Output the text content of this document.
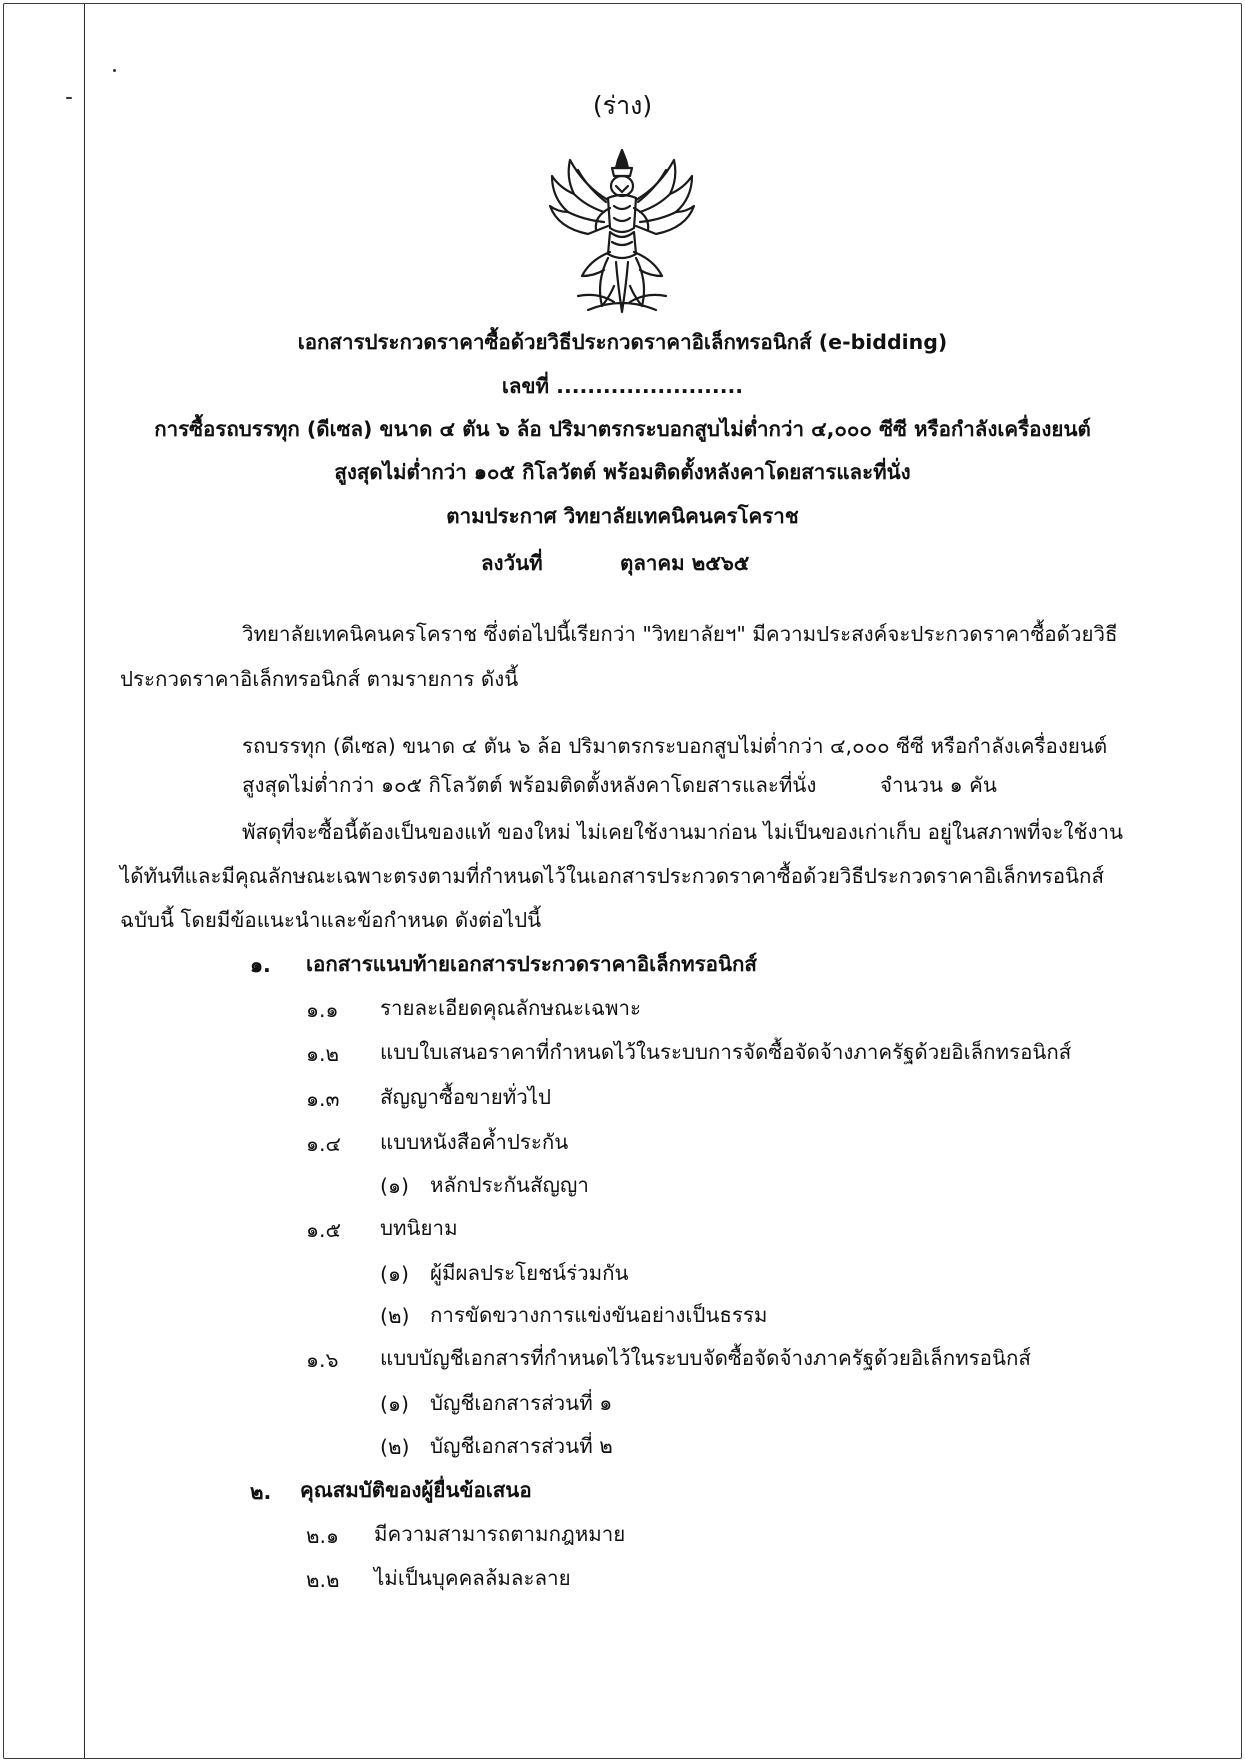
(ร่าง)
เอกสารประกวดราคาซื้อด้วยวิธีประกวดราคาอิเล็กทรอนิกส์ (e-bidding)
เลขที่ ........................
การซื้อรถบรรทุก (ดีเซล) ขนาด ๔ ตัน ๖ ล้อ ปริมาตรกระบอกสูบไม่ต่ำกว่า ๔,๐๐๐ ซีซี หรือกำลังเครื่องยนต์
สูงสุดไม่ต่ำกว่า ๑๐๕ กิโลวัตต์ พร้อมติดตั้งหลังคาโดยสารและที่นั่ง
ตามประกาศ วิทยาลัยเทคนิคนครโคราช
ลงวันที่	ตุลาคม ๒๕๖๕
วิทยาลัยเทคนิคนครโคราช ซึ่งต่อไปนี้เรียกว่า "วิทยาลัยฯ" มีความประสงค์จะประกวดราคาซื้อด้วยวิธี
ประกวดราคาอิเล็กทรอนิกส์ ตามรายการ ดังนี้
รถบรรทุก (ดีเซล) ขนาด ๔ ตัน ๖ ล้อ ปริมาตรกระบอกสูบไม่ต่ำกว่า ๔,๐๐๐ ซีซี หรือกำลังเครื่องยนต์
สูงสุดไม่ต่ำกว่า ๑๐๕ กิโลวัตต์ พร้อมติดตั้งหลังคาโดยสารและที่นั่ง	จำนวน ๑ คัน
พัสดุที่จะซื้อนี้ต้องเป็นของแท้ ของใหม่ ไม่เคยใช้งานมาก่อน ไม่เป็นของเก่าเก็บ อยู่ในสภาพที่จะใช้งาน
ได้ทันทีและมีคุณลักษณะเฉพาะตรงตามที่กำหนดไว้ในเอกสารประกวดราคาซื้อด้วยวิธีประกวดราคาอิเล็กทรอนิกส์
ฉบับนี้ โดยมีข้อแนะนำและข้อกำหนด ดังต่อไปนี้
๑. เอกสารแนบท้ายเอกสารประกวดราคาอิเล็กทรอนิกส์
๑.๑ รายละเอียดคุณลักษณะเฉพาะ
๑.๒ แบบใบเสนอราคาที่กำหนดไว้ในระบบการจัดซื้อจัดจ้างภาครัฐด้วยอิเล็กทรอนิกส์
๑.๓ สัญญาซื้อขายทั่วไป
๑.๔ แบบหนังสือค้ำประกัน
(๑) หลักประกันสัญญา
๑.๕ บทนิยาม
(๑) ผู้มีผลประโยชน์ร่วมกัน
(๒) การขัดขวางการแข่งขันอย่างเป็นธรรม
๑.๖ แบบบัญชีเอกสารที่กำหนดไว้ในระบบจัดซื้อจัดจ้างภาครัฐด้วยอิเล็กทรอนิกส์
(๑) บัญชีเอกสารส่วนที่ ๑
(๒) บัญชีเอกสารส่วนที่ ๒
๒. คุณสมบัติของผู้ยื่นข้อเสนอ
๒.๑ มีความสามารถตามกฎหมาย
๒.๒ ไม่เป็นบุคคลล้มละลาย
